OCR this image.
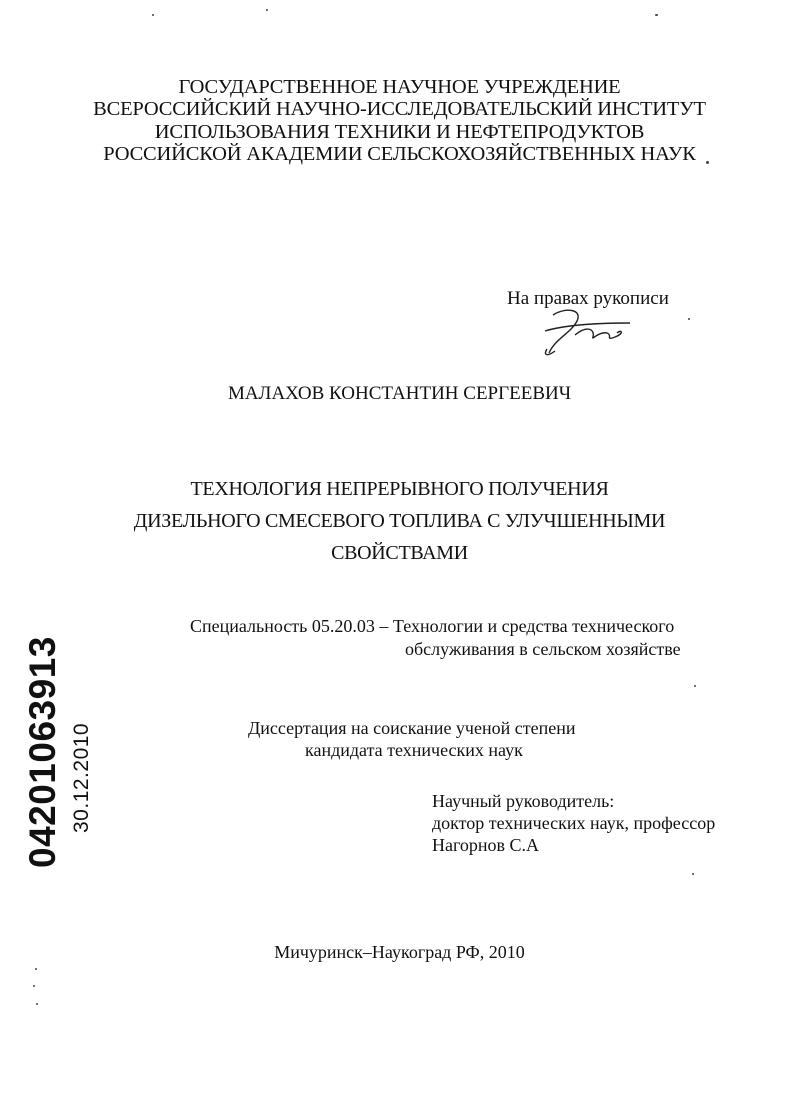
ГОСУДАРСТВЕННОЕ НАУЧНОЕ УЧРЕЖДЕНИЕ
ВСЕРОССИЙСКИЙ НАУЧНО-ИССЛЕДОВАТЕЛЬСКИЙ ИНСТИТУТ
ИСПОЛЬЗОВАНИЯ ТЕХНИКИ И НЕФТЕПРОДУКТОВ
РОССИЙСКОЙ АКАДЕМИИ СЕЛЬСКОХОЗЯЙСТВЕННЫХ НАУК
На правах рукописи
МАЛАХОВ КОНСТАНТИН СЕРГЕЕВИЧ
ТЕХНОЛОГИЯ НЕПРЕРЫВНОГО ПОЛУЧЕНИЯ
ДИЗЕЛЬНОГО СМЕСЕВОГО ТОПЛИВА С УЛУЧШЕННЫМИ
СВОЙСТВАМИ
Специальность 05.20.03 – Технологии и средства технического
обслуживания в сельском хозяйстве
Диссертация на соискание ученой степени
кандидата технических наук
Научный руководитель:
доктор технических наук, профессор
Нагорнов С.А
Мичуринск–Наукоград РФ, 2010
04201063913 30.12.2010
